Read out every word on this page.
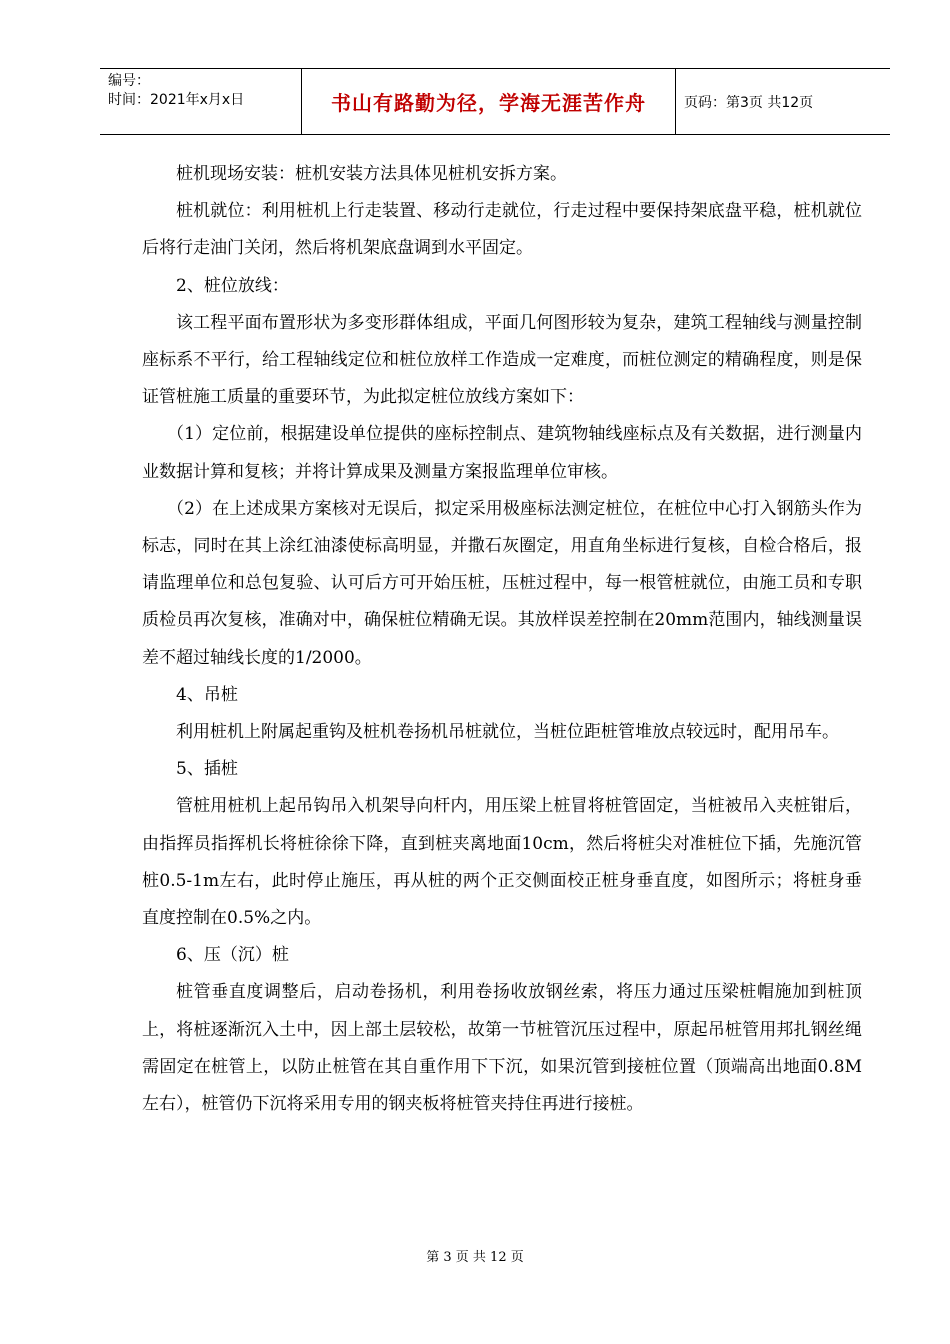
编号：
时间：2021年x月x日	书山有路勤为径，学海无涯苦作舟	页码：第3页 共12页

桩机现场安装：桩机安装方法具体见桩机安拆方案。

桩机就位：利用桩机上行走装置、移动行走就位，行走过程中要保持架底盘平稳，桩机就位后将行走油门关闭，然后将机架底盘调到水平固定。

2、桩位放线：

该工程平面布置形状为多变形群体组成，平面几何图形较为复杂，建筑工程轴线与测量控制座标系不平行，给工程轴线定位和桩位放样工作造成一定难度，而桩位测定的精确程度，则是保证管桩施工质量的重要环节，为此拟定桩位放线方案如下：

（1）定位前，根据建设单位提供的座标控制点、建筑物轴线座标点及有关数据，进行测量内业数据计算和复核；并将计算成果及测量方案报监理单位审核。

（2）在上述成果方案核对无误后，拟定采用极座标法测定桩位，在桩位中心打入钢筋头作为标志，同时在其上涂红油漆使标高明显，并撒石灰圈定，用直角坐标进行复核，自检合格后，报请监理单位和总包复验、认可后方可开始压桩，压桩过程中，每一根管桩就位，由施工员和专职质检员再次复核，准确对中，确保桩位精确无误。其放样误差控制在20mm范围内，轴线测量误差不超过轴线长度的1/2000。

4、吊桩

利用桩机上附属起重钩及桩机卷扬机吊桩就位，当桩位距桩管堆放点较远时，配用吊车。

5、插桩

管桩用桩机上起吊钩吊入机架导向杆内，用压梁上桩冒将桩管固定，当桩被吊入夹桩钳后，由指挥员指挥机长将桩徐徐下降，直到桩夹离地面10cm，然后将桩尖对准桩位下插，先施沉管桩0.5-1m左右，此时停止施压，再从桩的两个正交侧面校正桩身垂直度，如图所示；将桩身垂直度控制在0.5%之内。

6、压（沉）桩

桩管垂直度调整后，启动卷扬机，利用卷扬收放钢丝索，将压力通过压梁桩帽施加到桩顶上，将桩逐渐沉入土中，因上部土层较松，故第一节桩管沉压过程中，原起吊桩管用邦扎钢丝绳需固定在桩管上，以防止桩管在其自重作用下下沉，如果沉管到接桩位置（顶端高出地面0.8M左右），桩管仍下沉将采用专用的钢夹板将桩管夹持住再进行接桩。

第 3 页 共 12 页
